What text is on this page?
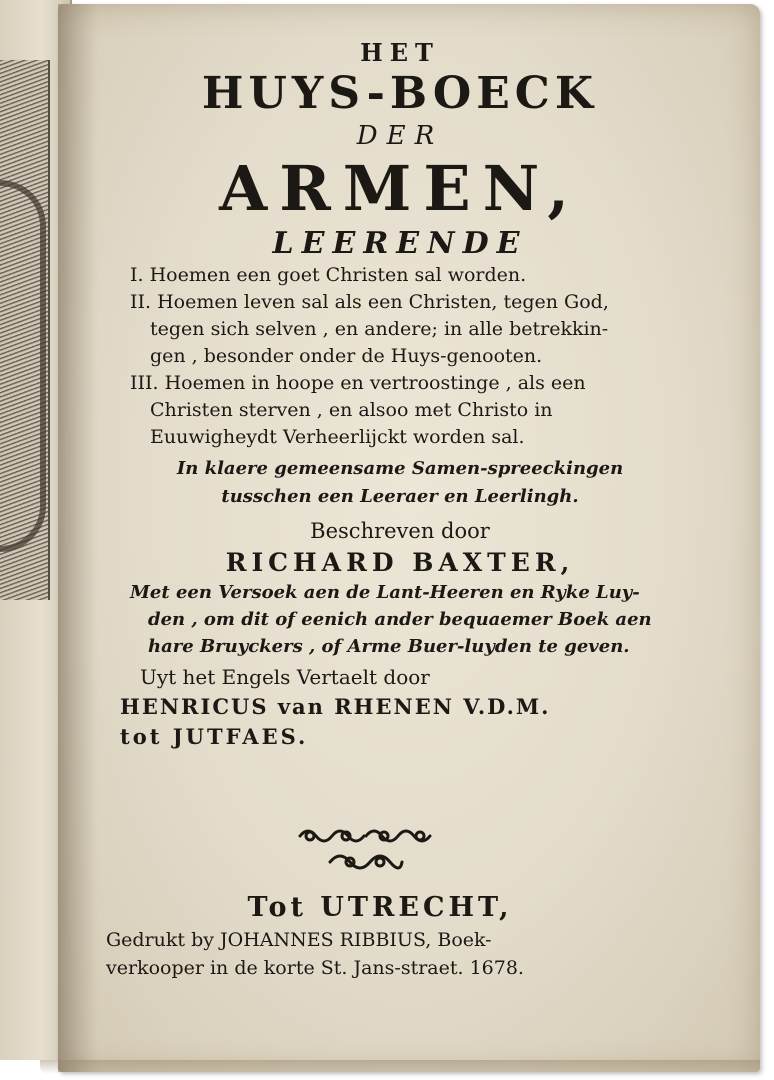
HET
HUYS-BOECK
DER
ARMEN,
LEERENDE
I. Hoemen een goet Christen sal worden.
II. Hoemen leven sal als een Christen, tegen God,
tegen sich selven , en andere; in alle betrekkin-
gen , besonder onder de Huys-genooten.
III. Hoemen in hoope en vertroostinge , als een
Christen sterven , en alsoo met Christo in
Euuwigheydt Verheerlijckt worden sal.
In klaere gemeensame Samen-spreeckingen
tusschen een Leeraer en Leerlingh.
Beschreven door
RICHARD BAXTER,
Met een Versoek aen de Lant-Heeren en Ryke Luy-
den , om dit of eenich ander bequaemer Boek aen
hare Bruyckers , of Arme Buer-luyden te geven.
Uyt het Engels Vertaelt door
HENRICUS van RHENEN V.D.M.
tot JUTFAES.
Tot UTRECHT,
Gedrukt by JOHANNES RIBBIUS, Boek-
verkooper in de korte St. Jans-straet. 1678.
